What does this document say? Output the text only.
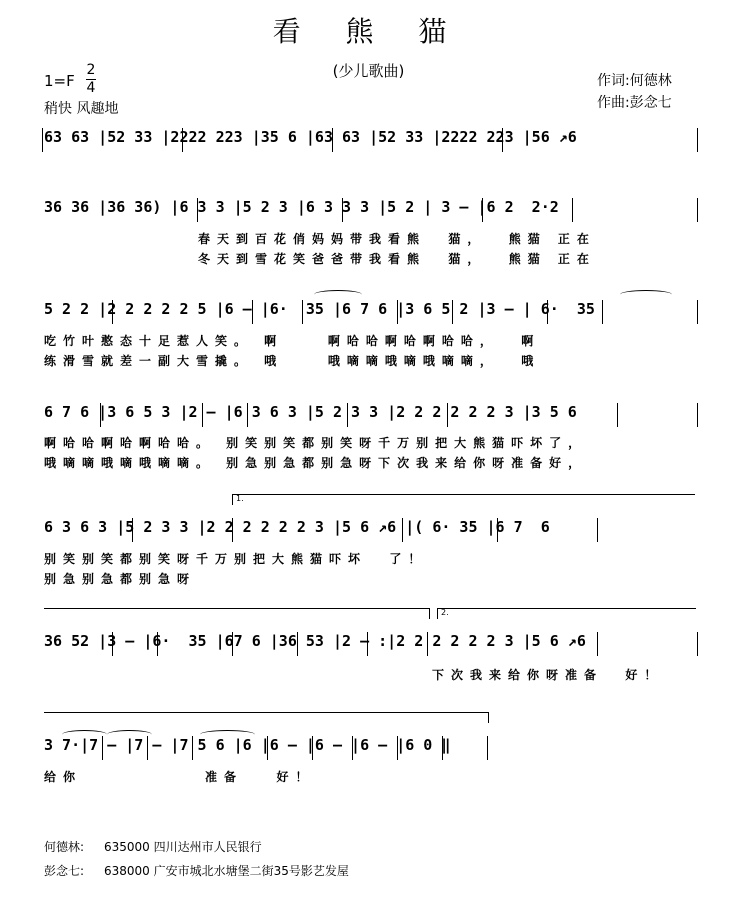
看 熊 猫
(少儿歌曲)
作词:何德林
作曲:彭念七
1=F
2
4
稍快 风趣地
63 63 |52 33 |2222 223 |35 6 |63 63 |52 33 |2222 223 |56 ↗6
36 36 |36 36) |6 3 3 |5 2 3 |6 3 3 3 |5 2 | 3 – |6 2  2·2
春天到百花俏妈妈带我看熊  猫，  熊猫 正在
冬天到雪花笑爸爸带我看熊  猫，  熊猫 正在
5 2 2 |2 2 2 2 2 5 |6 – |6·  35 |6 7 6 |3 6 5 2 |3 – | 6·  35
吃竹叶憨态十足惹人笑。 啊    啊哈哈啊哈啊哈哈，  啊
练滑雪就差一副大雪撬。 哦    哦嘀嘀哦嘀哦嘀嘀，  哦
6 7 6 |3 6 5 3 |2 – |6 3 6 3 |5 2 3 3 |2 2 2 2 2 2 3 |3 5 6
啊哈哈啊哈啊哈哈。 别笑别笑都别笑呀千万别把大熊猫吓坏了，
哦嘀嘀哦嘀哦嘀嘀。 别急别急都别急呀下次我来给你呀准备好，
1.
6 3 6 3 |5 2 3 3 |2 2 2 2 2 2 3 |5 6 ↗6 |( 6· 35 |6 7  6
别笑别笑都别笑呀千万别把大熊猫吓坏  了！
别急别急都别急呀
2.
36 52 |3 – |6·  35 |67 6 |36 53 |2 – :|2 2 2 2 2 2 3 |5 6 ↗6
下次我来给你呀准备  好！
3 7·|7 – |7 – |7 5 6 |6 |6 – |6 – |6 – |6 0 ‖
给你           准备   好！
何德林: 635000 四川达州市人民银行
彭念七: 638000 广安市城北水塘堡二街35号影艺发屋
